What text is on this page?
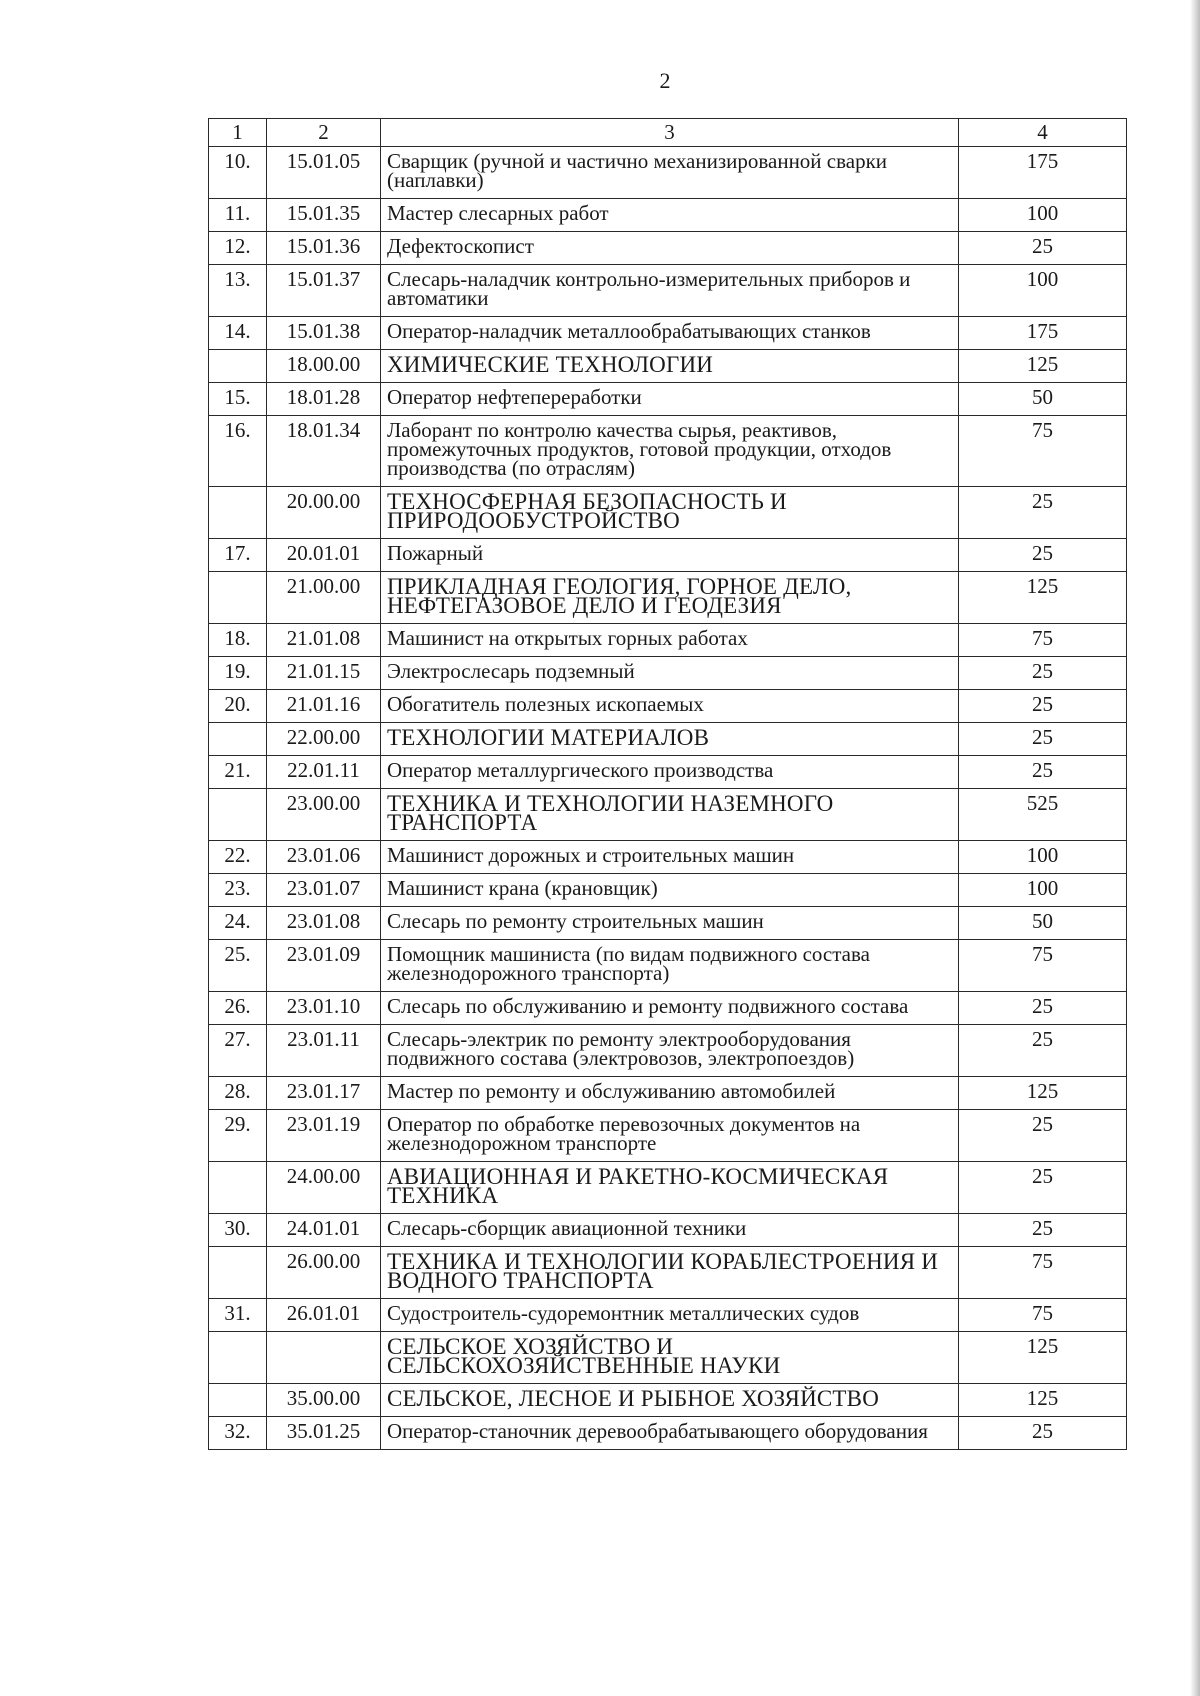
2
1	2	3	4
10.	15.01.05	Сварщик (ручной и частично механизированной сварки (наплавки)	175
11.	15.01.35	Мастер слесарных работ	100
12.	15.01.36	Дефектоскопист	25
13.	15.01.37	Слесарь-наладчик контрольно-измерительных приборов и автоматики	100
14.	15.01.38	Оператор-наладчик металлообрабатывающих станков	175
	18.00.00	ХИМИЧЕСКИЕ ТЕХНОЛОГИИ	125
15.	18.01.28	Оператор нефтепереработки	50
16.	18.01.34	Лаборант по контролю качества сырья, реактивов, промежуточных продуктов, готовой продукции, отходов производства (по отраслям)	75
	20.00.00	ТЕХНОСФЕРНАЯ БЕЗОПАСНОСТЬ И ПРИРОДООБУСТРОЙСТВО	25
17.	20.01.01	Пожарный	25
	21.00.00	ПРИКЛАДНАЯ ГЕОЛОГИЯ, ГОРНОЕ ДЕЛО, НЕФТЕГАЗОВОЕ ДЕЛО И ГЕОДЕЗИЯ	125
18.	21.01.08	Машинист на открытых горных работах	75
19.	21.01.15	Электрослесарь подземный	25
20.	21.01.16	Обогатитель полезных ископаемых	25
	22.00.00	ТЕХНОЛОГИИ МАТЕРИАЛОВ	25
21.	22.01.11	Оператор металлургического производства	25
	23.00.00	ТЕХНИКА И ТЕХНОЛОГИИ НАЗЕМНОГО ТРАНСПОРТА	525
22.	23.01.06	Машинист дорожных и строительных машин	100
23.	23.01.07	Машинист крана (крановщик)	100
24.	23.01.08	Слесарь по ремонту строительных машин	50
25.	23.01.09	Помощник машиниста (по видам подвижного состава железнодорожного транспорта)	75
26.	23.01.10	Слесарь по обслуживанию и ремонту подвижного состава	25
27.	23.01.11	Слесарь-электрик по ремонту электрооборудования подвижного состава (электровозов, электропоездов)	25
28.	23.01.17	Мастер по ремонту и обслуживанию автомобилей	125
29.	23.01.19	Оператор по обработке перевозочных документов на железнодорожном транспорте	25
	24.00.00	АВИАЦИОННАЯ И РАКЕТНО-КОСМИЧЕСКАЯ ТЕХНИКА	25
30.	24.01.01	Слесарь-сборщик авиационной техники	25
	26.00.00	ТЕХНИКА И ТЕХНОЛОГИИ КОРАБЛЕСТРОЕНИЯ И ВОДНОГО ТРАНСПОРТА	75
31.	26.01.01	Судостроитель-судоремонтник металлических судов	75
		СЕЛЬСКОЕ ХОЗЯЙСТВО И СЕЛЬСКОХОЗЯЙСТВЕННЫЕ НАУКИ	125
	35.00.00	СЕЛЬСКОЕ, ЛЕСНОЕ И РЫБНОЕ ХОЗЯЙСТВО	125
32.	35.01.25	Оператор-станочник деревообрабатывающего оборудования	25
